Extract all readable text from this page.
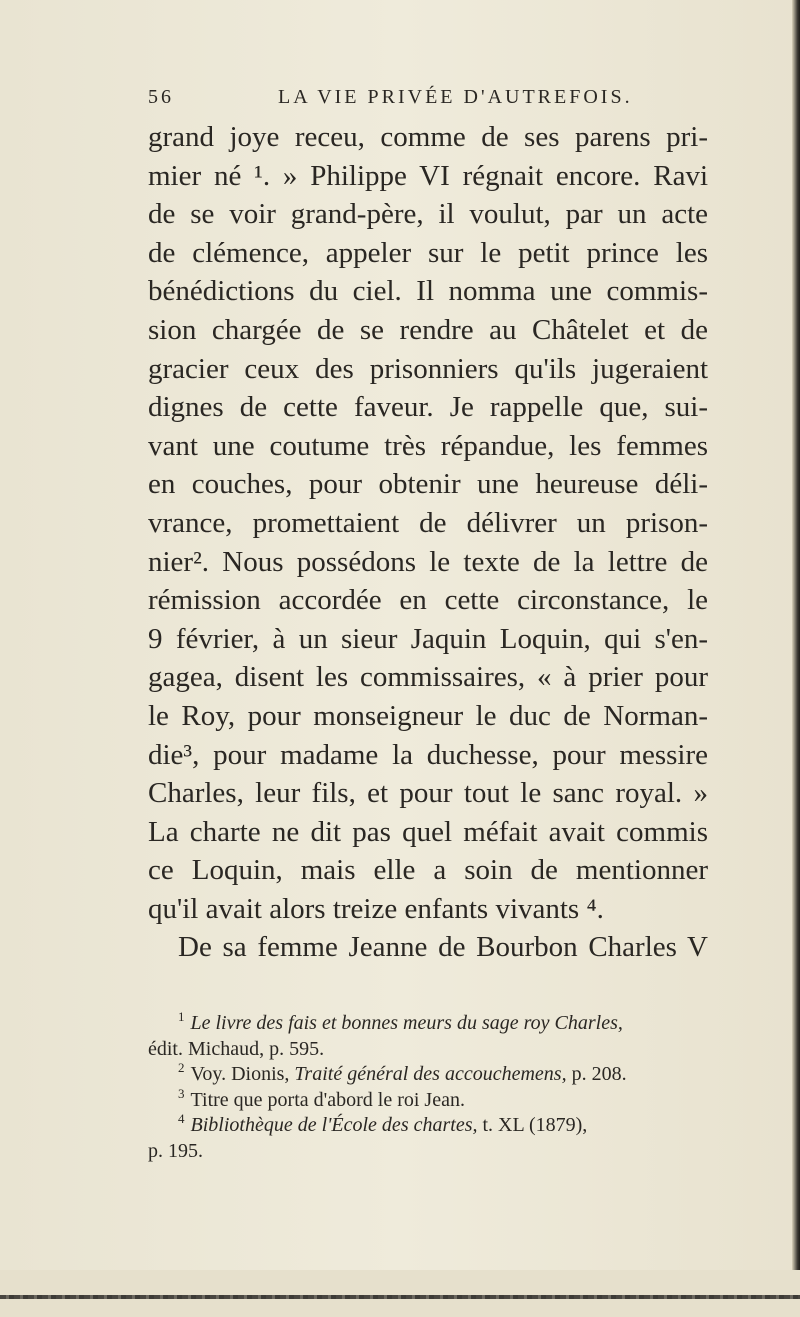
56	LA VIE PRIVÉE D'AUTREFOIS.
grand joye receu, comme de ses parens pri-
mier né ¹. » Philippe VI régnait encore. Ravi
de se voir grand-père, il voulut, par un acte
de clémence, appeler sur le petit prince les
bénédictions du ciel. Il nomma une commis-
sion chargée de se rendre au Châtelet et de
gracier ceux des prisonniers qu'ils jugeraient
dignes de cette faveur. Je rappelle que, sui-
vant une coutume très répandue, les femmes
en couches, pour obtenir une heureuse déli-
vrance, promettaient de délivrer un prison-
nier². Nous possédons le texte de la lettre de
rémission accordée en cette circonstance, le
9 février, à un sieur Jaquin Loquin, qui s'en-
gagea, disent les commissaires, « à prier pour
le Roy, pour monseigneur le duc de Norman-
die³, pour madame la duchesse, pour messire
Charles, leur fils, et pour tout le sanc royal. »
La charte ne dit pas quel méfait avait commis
ce Loquin, mais elle a soin de mentionner
qu'il avait alors treize enfants vivants ⁴.
De sa femme Jeanne de Bourbon Charles V
$^1$ Le livre des fais et bonnes meurs du sage roy Charles,
édit. Michaud, p. 595.
$^2$ Voy. Dionis, Traité général des accouchemens, p. 208.
$^3$ Titre que porta d'abord le roi Jean.
$^4$ Bibliothèque de l'École des chartes, t. XL (1879),
p. 195.
